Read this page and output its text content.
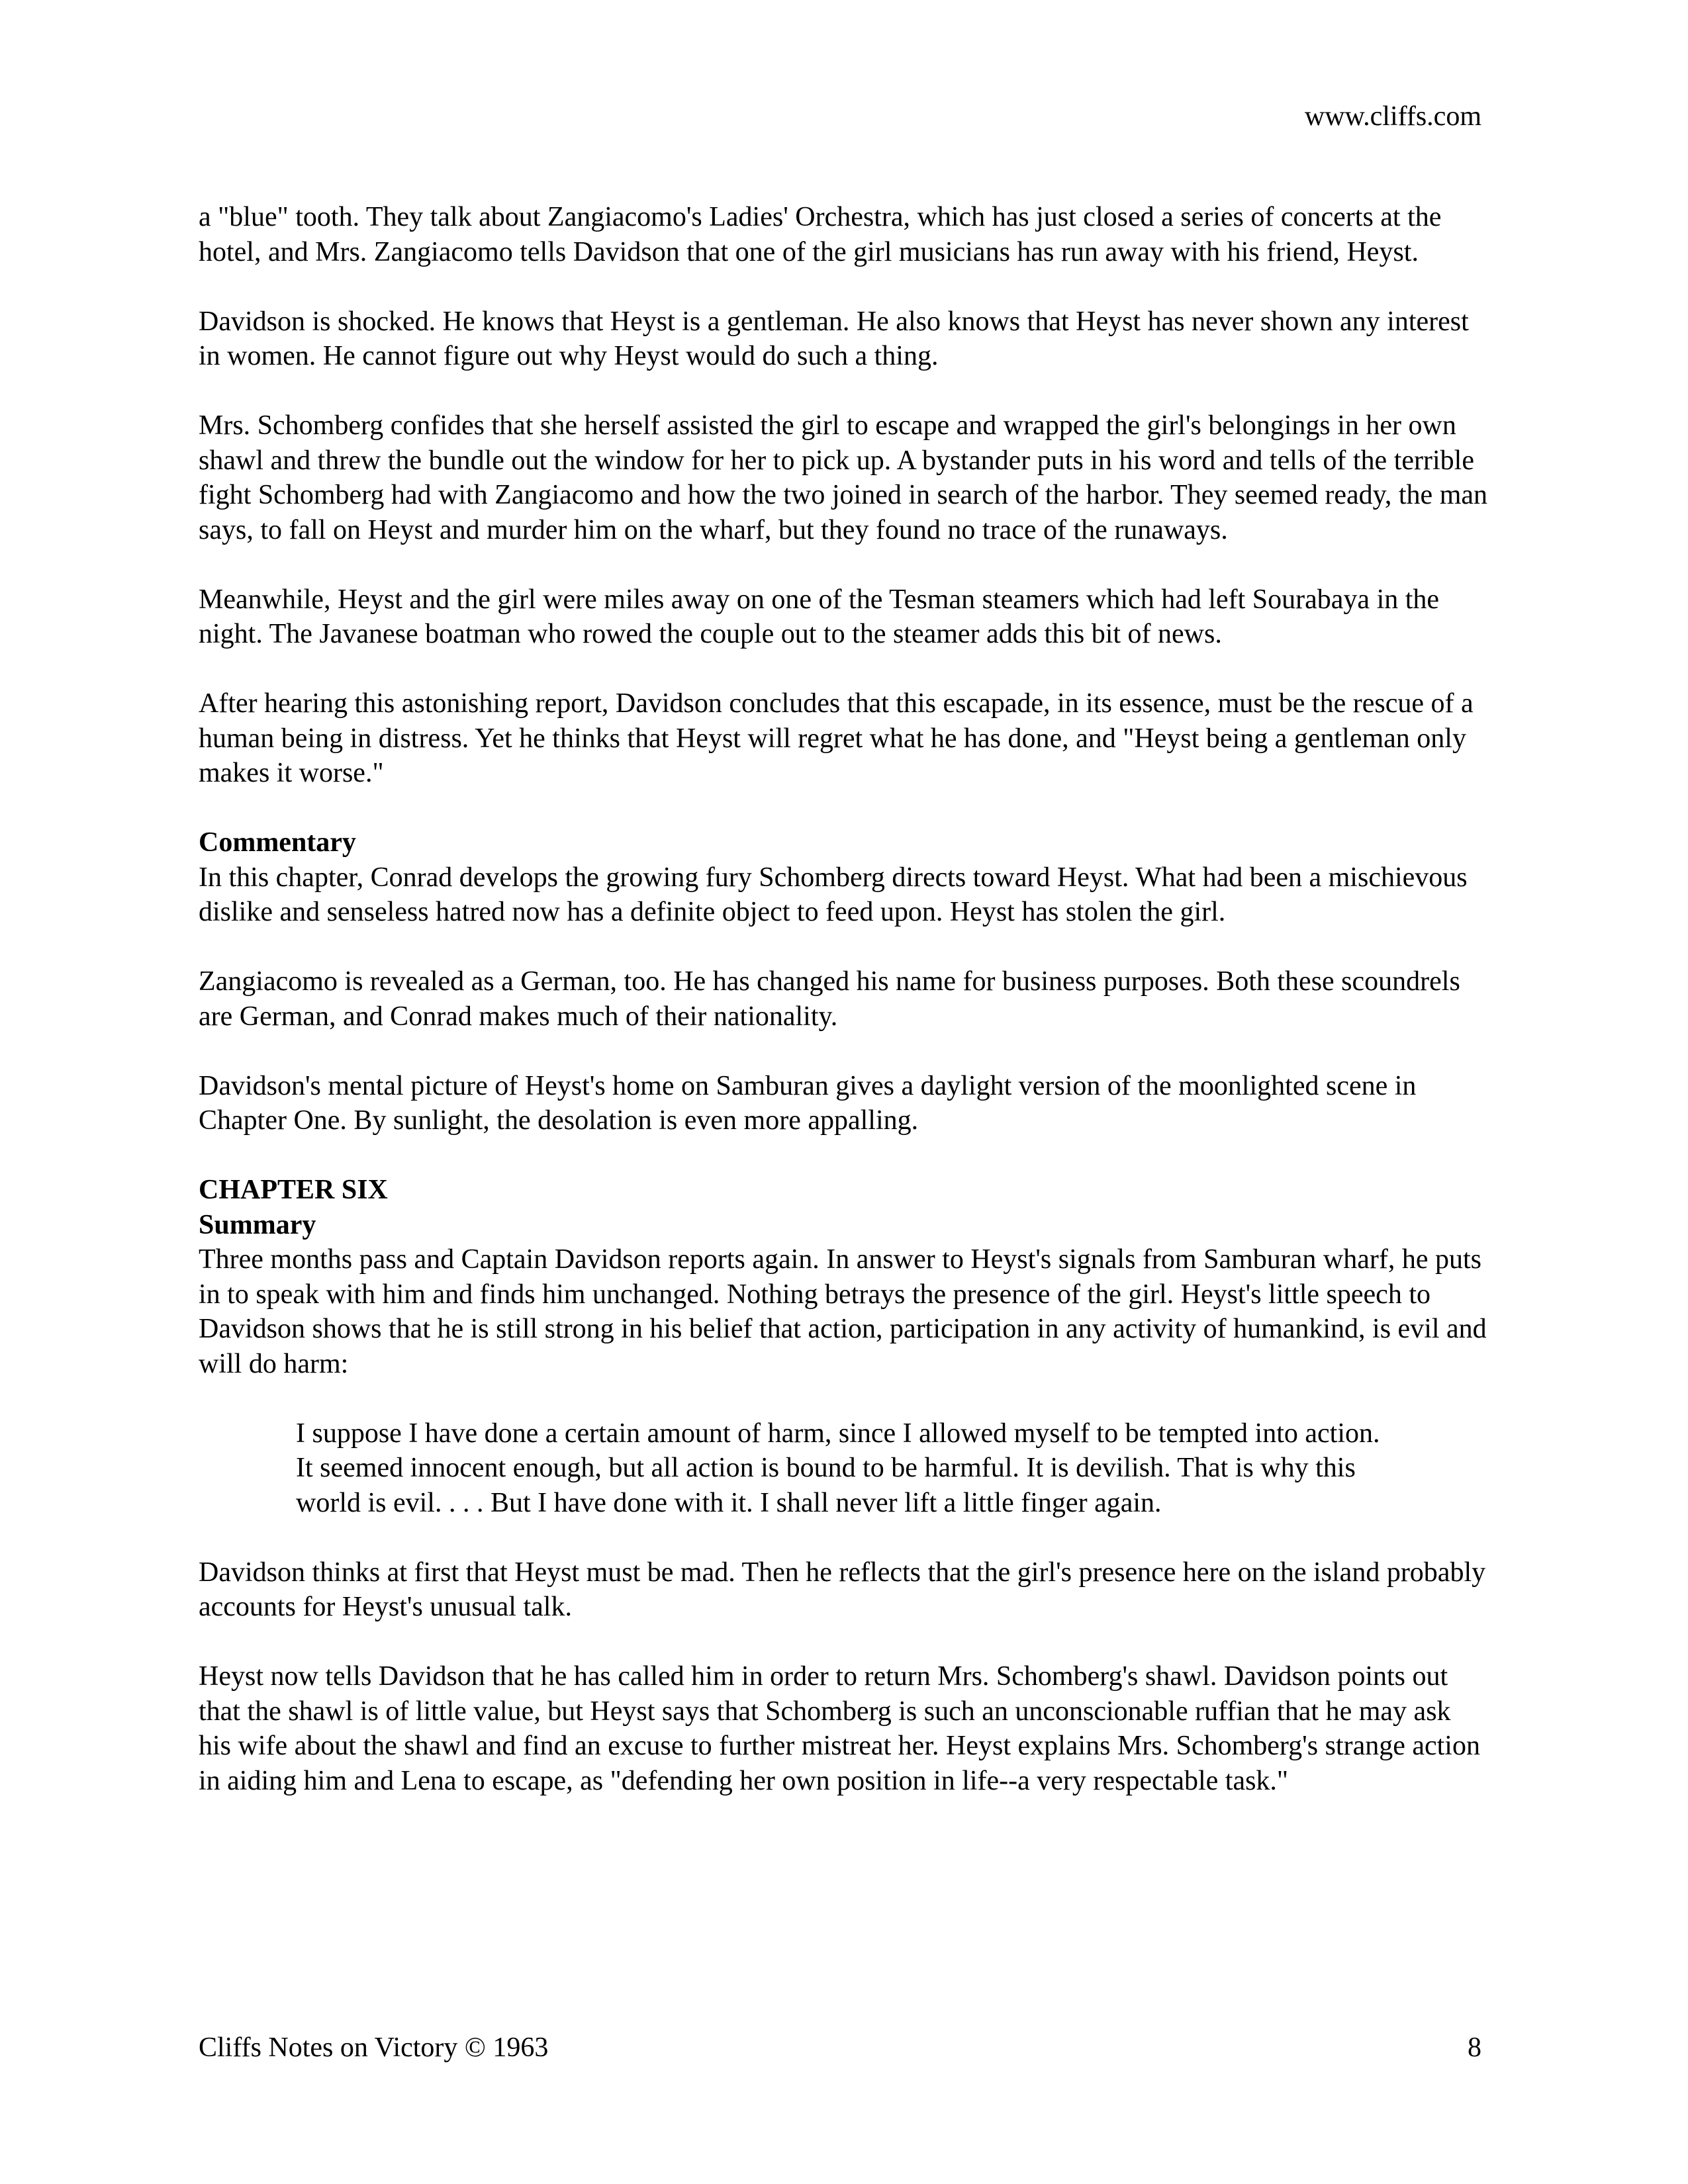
www.cliffs.com

a "blue" tooth. They talk about Zangiacomo's Ladies' Orchestra, which has just closed a series of concerts at the hotel, and Mrs. Zangiacomo tells Davidson that one of the girl musicians has run away with his friend, Heyst.

Davidson is shocked. He knows that Heyst is a gentleman. He also knows that Heyst has never shown any interest in women. He cannot figure out why Heyst would do such a thing.

Mrs. Schomberg confides that she herself assisted the girl to escape and wrapped the girl's belongings in her own shawl and threw the bundle out the window for her to pick up. A bystander puts in his word and tells of the terrible fight Schomberg had with Zangiacomo and how the two joined in search of the harbor. They seemed ready, the man says, to fall on Heyst and murder him on the wharf, but they found no trace of the runaways.

Meanwhile, Heyst and the girl were miles away on one of the Tesman steamers which had left Sourabaya in the night. The Javanese boatman who rowed the couple out to the steamer adds this bit of news.

After hearing this astonishing report, Davidson concludes that this escapade, in its essence, must be the rescue of a human being in distress. Yet he thinks that Heyst will regret what he has done, and "Heyst being a gentleman only makes it worse."

Commentary

In this chapter, Conrad develops the growing fury Schomberg directs toward Heyst. What had been a mischievous dislike and senseless hatred now has a definite object to feed upon. Heyst has stolen the girl.

Zangiacomo is revealed as a German, too. He has changed his name for business purposes. Both these scoundrels are German, and Conrad makes much of their nationality.

Davidson's mental picture of Heyst's home on Samburan gives a daylight version of the moonlighted scene in Chapter One. By sunlight, the desolation is even more appalling.

CHAPTER SIX
Summary

Three months pass and Captain Davidson reports again. In answer to Heyst's signals from Samburan wharf, he puts in to speak with him and finds him unchanged. Nothing betrays the presence of the girl. Heyst's little speech to Davidson shows that he is still strong in his belief that action, participation in any activity of humankind, is evil and will do harm:

I suppose I have done a certain amount of harm, since I allowed myself to be tempted into action. It seemed innocent enough, but all action is bound to be harmful. It is devilish. That is why this world is evil. . . . But I have done with it. I shall never lift a little finger again.

Davidson thinks at first that Heyst must be mad. Then he reflects that the girl's presence here on the island probably accounts for Heyst's unusual talk.

Heyst now tells Davidson that he has called him in order to return Mrs. Schomberg's shawl. Davidson points out that the shawl is of little value, but Heyst says that Schomberg is such an unconscionable ruffian that he may ask his wife about the shawl and find an excuse to further mistreat her. Heyst explains Mrs. Schomberg's strange action in aiding him and Lena to escape, as "defending her own position in life--a very respectable task."

Cliffs Notes on Victory © 1963	8
